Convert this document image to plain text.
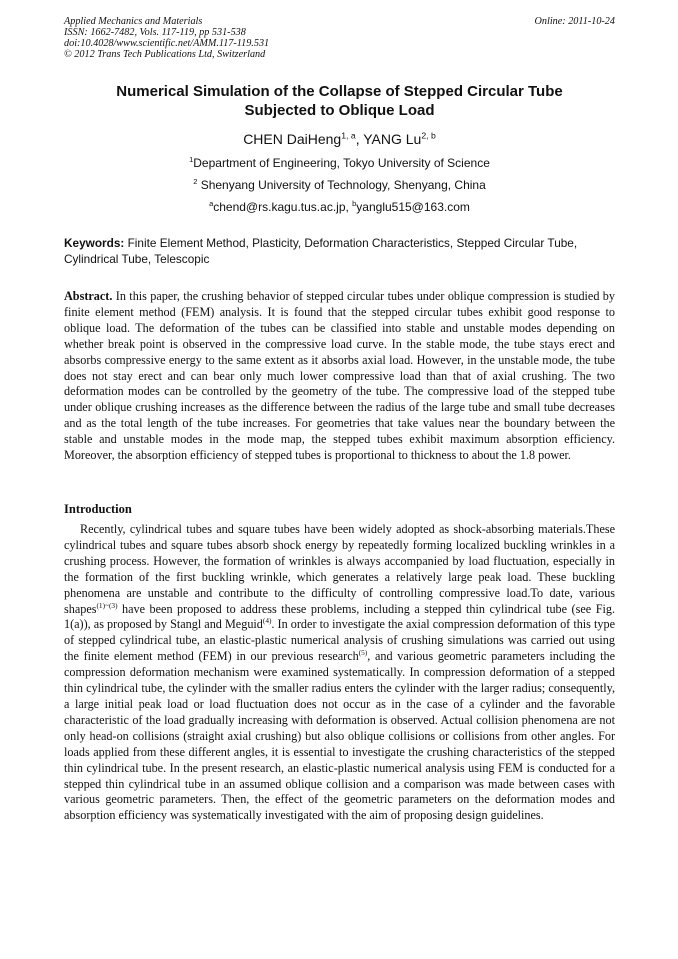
Applied Mechanics and Materials	Online: 2011-10-24
ISSN: 1662-7482, Vols. 117-119, pp 531-538
doi:10.4028/www.scientific.net/AMM.117-119.531
© 2012 Trans Tech Publications Ltd, Switzerland
Numerical Simulation of the Collapse of Stepped Circular Tube
Subjected to Oblique Load
CHEN DaiHeng$^{1, a}$, YANG Lu$^{2, b}$
$^1$Department of Engineering, Tokyo University of Science
$^2$ Shenyang University of Technology, Shenyang, China
$^a$chend@rs.kagu.tus.ac.jp, $^b$yanglu515@163.com
Keywords: Finite Element Method, Plasticity, Deformation Characteristics, Stepped Circular Tube, Cylindrical Tube, Telescopic
Abstract. In this paper, the crushing behavior of stepped circular tubes under oblique compression is studied by finite element method (FEM) analysis. It is found that the stepped circular tubes exhibit good response to oblique load. The deformation of the tubes can be classified into stable and unstable modes depending on whether break point is observed in the compressive load curve. In the stable mode, the tube stays erect and absorbs compressive energy to the same extent as it absorbs axial load. However, in the unstable mode, the tube does not stay erect and can bear only much lower compressive load than that of axial crushing. The two deformation modes can be controlled by the geometry of the tube. The compressive load of the stepped tube under oblique crushing increases as the difference between the radius of the large tube and small tube decreases and as the total length of the tube increases. For geometries that take values near the boundary between the stable and unstable modes in the mode map, the stepped tubes exhibit maximum absorption efficiency. Moreover, the absorption efficiency of stepped tubes is proportional to thickness to about the 1.8 power.
Introduction
Recently, cylindrical tubes and square tubes have been widely adopted as shock-absorbing materials.These cylindrical tubes and square tubes absorb shock energy by repeatedly forming localized buckling wrinkles in a crushing process. However, the formation of wrinkles is always accompanied by load fluctuation, especially in the formation of the first buckling wrinkle, which generates a relatively large peak load. These buckling phenomena are unstable and contribute to the difficulty of controlling compressive load.To date, various shapes$^{(1)\sim(3)}$ have been proposed to address these problems, including a stepped thin cylindrical tube (see Fig. 1(a)), as proposed by Stangl and Meguid$^{(4)}$. In order to investigate the axial compression deformation of this type of stepped cylindrical tube, an elastic-plastic numerical analysis of crushing simulations was carried out using the finite element method (FEM) in our previous research$^{(5)}$, and various geometric parameters including the compression deformation mechanism were examined systematically. In compression deformation of a stepped thin cylindrical tube, the cylinder with the smaller radius enters the cylinder with the larger radius; consequently, a large initial peak load or load fluctuation does not occur as in the case of a cylinder and the favorable characteristic of the load gradually increasing with deformation is observed. Actual collision phenomena are not only head-on collisions (straight axial crushing) but also oblique collisions or collisions from other angles. For loads applied from these different angles, it is essential to investigate the crushing characteristics of the stepped thin cylindrical tube. In the present research, an elastic-plastic numerical analysis using FEM is conducted for a stepped thin cylindrical tube in an assumed oblique collision and a comparison was made between cases with various geometric parameters. Then, the effect of the geometric parameters on the deformation modes and absorption efficiency was systematically investigated with the aim of proposing design guidelines.
